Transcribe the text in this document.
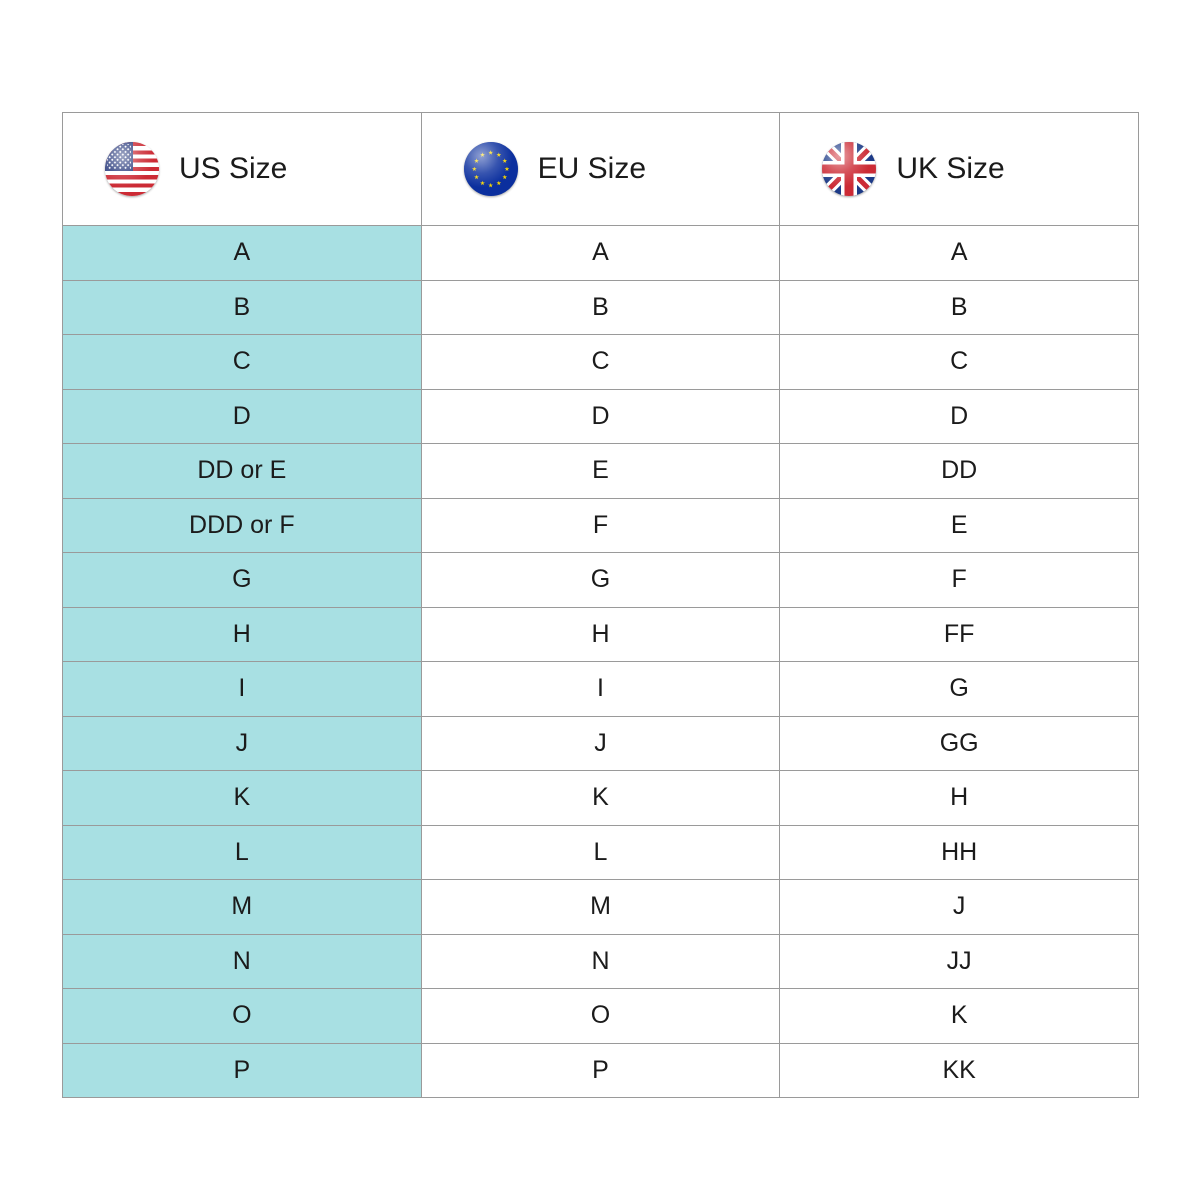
US Size	EU Size	UK Size

A	A	A
B	B	B
C	C	C
D	D	D
DD or E	E	DD
DDD or F	F	E
G	G	F
H	H	FF
I	I	G
J	J	GG
K	K	H
L	L	HH
M	M	J
N	N	JJ
O	O	K
P	P	KK
